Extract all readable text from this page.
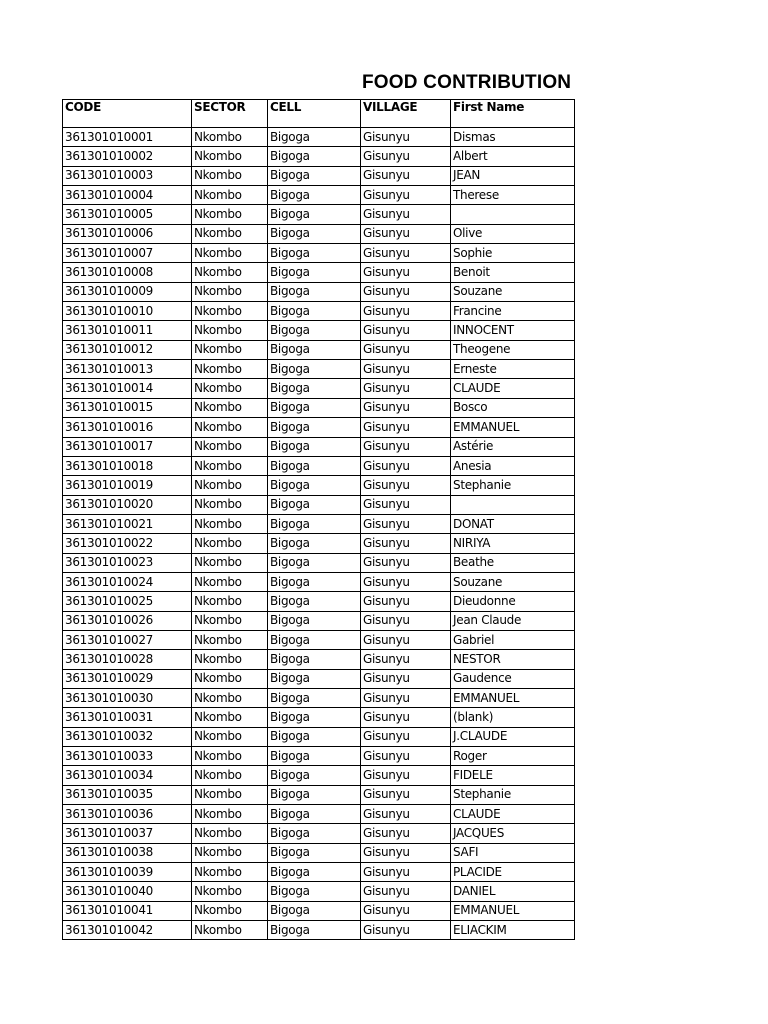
FOOD CONTRIBUTION
CODE	SECTOR	CELL	VILLAGE	First Name
361301010001	Nkombo	Bigoga	Gisunyu	Dismas
361301010002	Nkombo	Bigoga	Gisunyu	Albert
361301010003	Nkombo	Bigoga	Gisunyu	JEAN
361301010004	Nkombo	Bigoga	Gisunyu	Therese
361301010005	Nkombo	Bigoga	Gisunyu	
361301010006	Nkombo	Bigoga	Gisunyu	Olive
361301010007	Nkombo	Bigoga	Gisunyu	Sophie
361301010008	Nkombo	Bigoga	Gisunyu	Benoit
361301010009	Nkombo	Bigoga	Gisunyu	Souzane
361301010010	Nkombo	Bigoga	Gisunyu	Francine
361301010011	Nkombo	Bigoga	Gisunyu	INNOCENT
361301010012	Nkombo	Bigoga	Gisunyu	Theogene
361301010013	Nkombo	Bigoga	Gisunyu	Erneste
361301010014	Nkombo	Bigoga	Gisunyu	CLAUDE
361301010015	Nkombo	Bigoga	Gisunyu	Bosco
361301010016	Nkombo	Bigoga	Gisunyu	EMMANUEL
361301010017	Nkombo	Bigoga	Gisunyu	Astérie
361301010018	Nkombo	Bigoga	Gisunyu	Anesia
361301010019	Nkombo	Bigoga	Gisunyu	Stephanie
361301010020	Nkombo	Bigoga	Gisunyu	
361301010021	Nkombo	Bigoga	Gisunyu	DONAT
361301010022	Nkombo	Bigoga	Gisunyu	NIRIYA
361301010023	Nkombo	Bigoga	Gisunyu	Beathe
361301010024	Nkombo	Bigoga	Gisunyu	Souzane
361301010025	Nkombo	Bigoga	Gisunyu	Dieudonne
361301010026	Nkombo	Bigoga	Gisunyu	Jean Claude
361301010027	Nkombo	Bigoga	Gisunyu	Gabriel
361301010028	Nkombo	Bigoga	Gisunyu	NESTOR
361301010029	Nkombo	Bigoga	Gisunyu	Gaudence
361301010030	Nkombo	Bigoga	Gisunyu	EMMANUEL
361301010031	Nkombo	Bigoga	Gisunyu	(blank)
361301010032	Nkombo	Bigoga	Gisunyu	J.CLAUDE
361301010033	Nkombo	Bigoga	Gisunyu	Roger
361301010034	Nkombo	Bigoga	Gisunyu	FIDELE
361301010035	Nkombo	Bigoga	Gisunyu	Stephanie
361301010036	Nkombo	Bigoga	Gisunyu	CLAUDE
361301010037	Nkombo	Bigoga	Gisunyu	JACQUES
361301010038	Nkombo	Bigoga	Gisunyu	SAFI
361301010039	Nkombo	Bigoga	Gisunyu	PLACIDE
361301010040	Nkombo	Bigoga	Gisunyu	DANIEL
361301010041	Nkombo	Bigoga	Gisunyu	EMMANUEL
361301010042	Nkombo	Bigoga	Gisunyu	ELIACKIM
